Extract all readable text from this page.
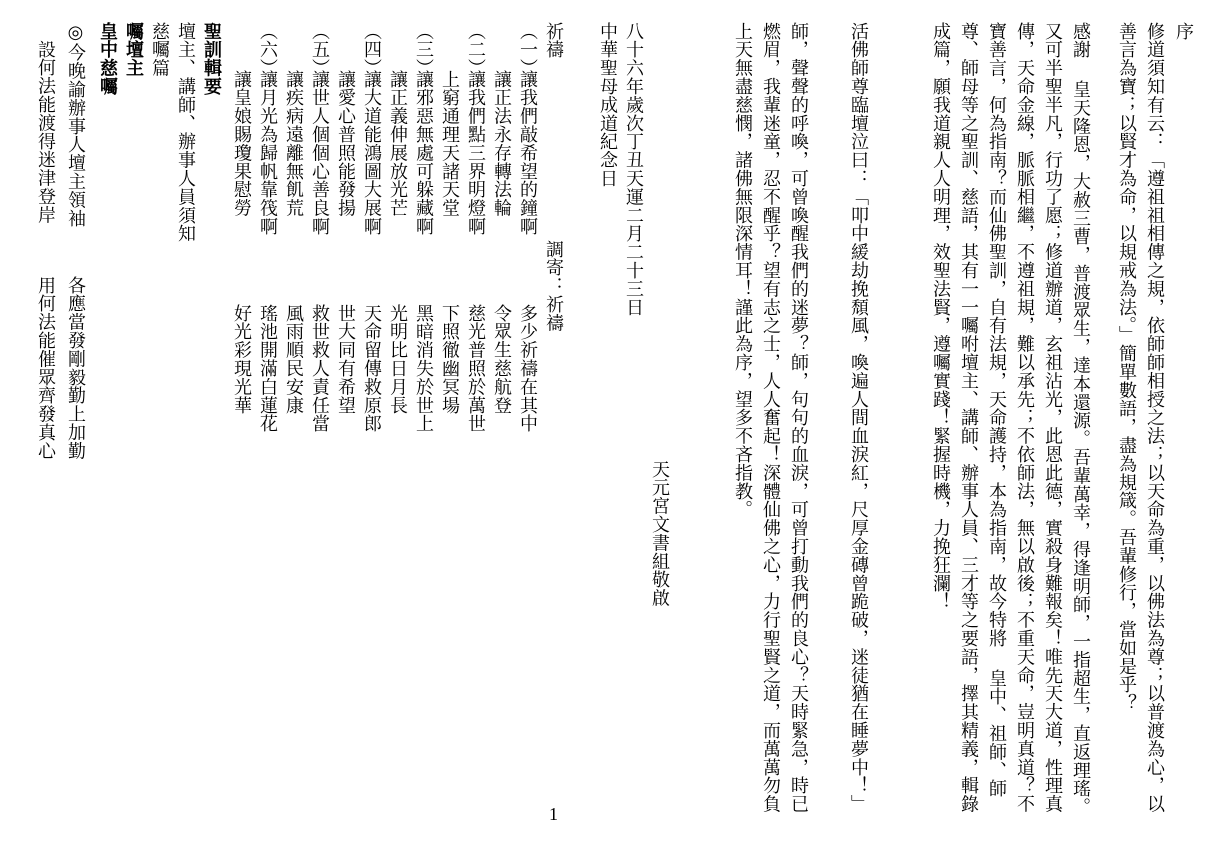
序
修道須知有云：「遵祖祖相傳之規，依師師相授之法；以天命為重，以佛法為尊；以普渡為心，以善言為寶；以賢才為命，以規戒為法。」簡單數語，盡為規箴。吾輩修行，當如是乎？
感謝 皇天隆恩，大赦三曹，普渡眾生，達本還源。吾輩萬幸，得逢明師，一指超生，直返理瑤。又可半聖半凡，行功了愿；修道辦道，玄祖沾光，此恩此德，實殺身難報矣！唯先天大道，性理真傳，天命金線，脈脈相繼，不遵祖規，難以承先；不依師法，無以啟後；不重天命，豈明真道？不寶善言，何為指南？而仙佛聖訓，自有法規，天命護持，本為指南，故今特將 皇中、祖師、師尊、師母等之聖訓、慈語，其有一一囑咐壇主、講師、辦事人員、三才等之要語，擇其精義，輯錄成篇，願我道親人人明理，效聖法賢，遵囑實踐！緊握時機，力挽狂瀾！
活佛師尊臨壇泣曰：「叩中緩劫挽頹風，喚遍人間血淚紅，尺厚金磚曾跪破，迷徒猶在睡夢中！」
師，聲聲的呼喚，可曾喚醒我們的迷夢？師，句句的血淚，可曾打動我們的良心？天時緊急，時已燃眉，我輩迷童，忍不醒乎？望有志之士，人人奮起！深體仙佛之心，力行聖賢之道，而萬萬勿負上天無盡慈憫，諸佛無限深情耳！謹此為序，望多不吝指教。
天元宮文書組敬啟
八十六年歲次丁丑天運二月二十三日
中華聖母成道紀念日
祈禱
調寄：祈禱
（一）
讓我們敲希望的鐘啊
多少祈禱在其中
讓正法永存轉法輪
令眾生慈航登
（二）
讓我們點三界明燈啊
慈光普照於萬世
上窮通理天諸天堂
下照徹幽冥場
（三）
讓邪惡無處可躲藏啊
黑暗消失於世上
讓正義伸展放光芒
光明比日月長
（四）
讓大道能鴻圖大展啊
天命留傳救原郎
讓愛心普照能發揚
世大同有希望
（五）
讓世人個個心善良啊
救世救人責任當
讓疾病遠離無飢荒
風雨順民安康
（六）
讓月光為歸帆靠筏啊
瑤池開滿白蓮花
讓皇娘賜瓊果慰勞
好光彩現光華
聖訓輯要
壇主、講師、辦事人員須知
慈囑篇
囑壇主
皇中慈囑
◎今晚諭辦事人壇主領袖
各應當發剛毅勤上加勤
設何法能渡得迷津登岸
用何法能催眾齊發真心
1
